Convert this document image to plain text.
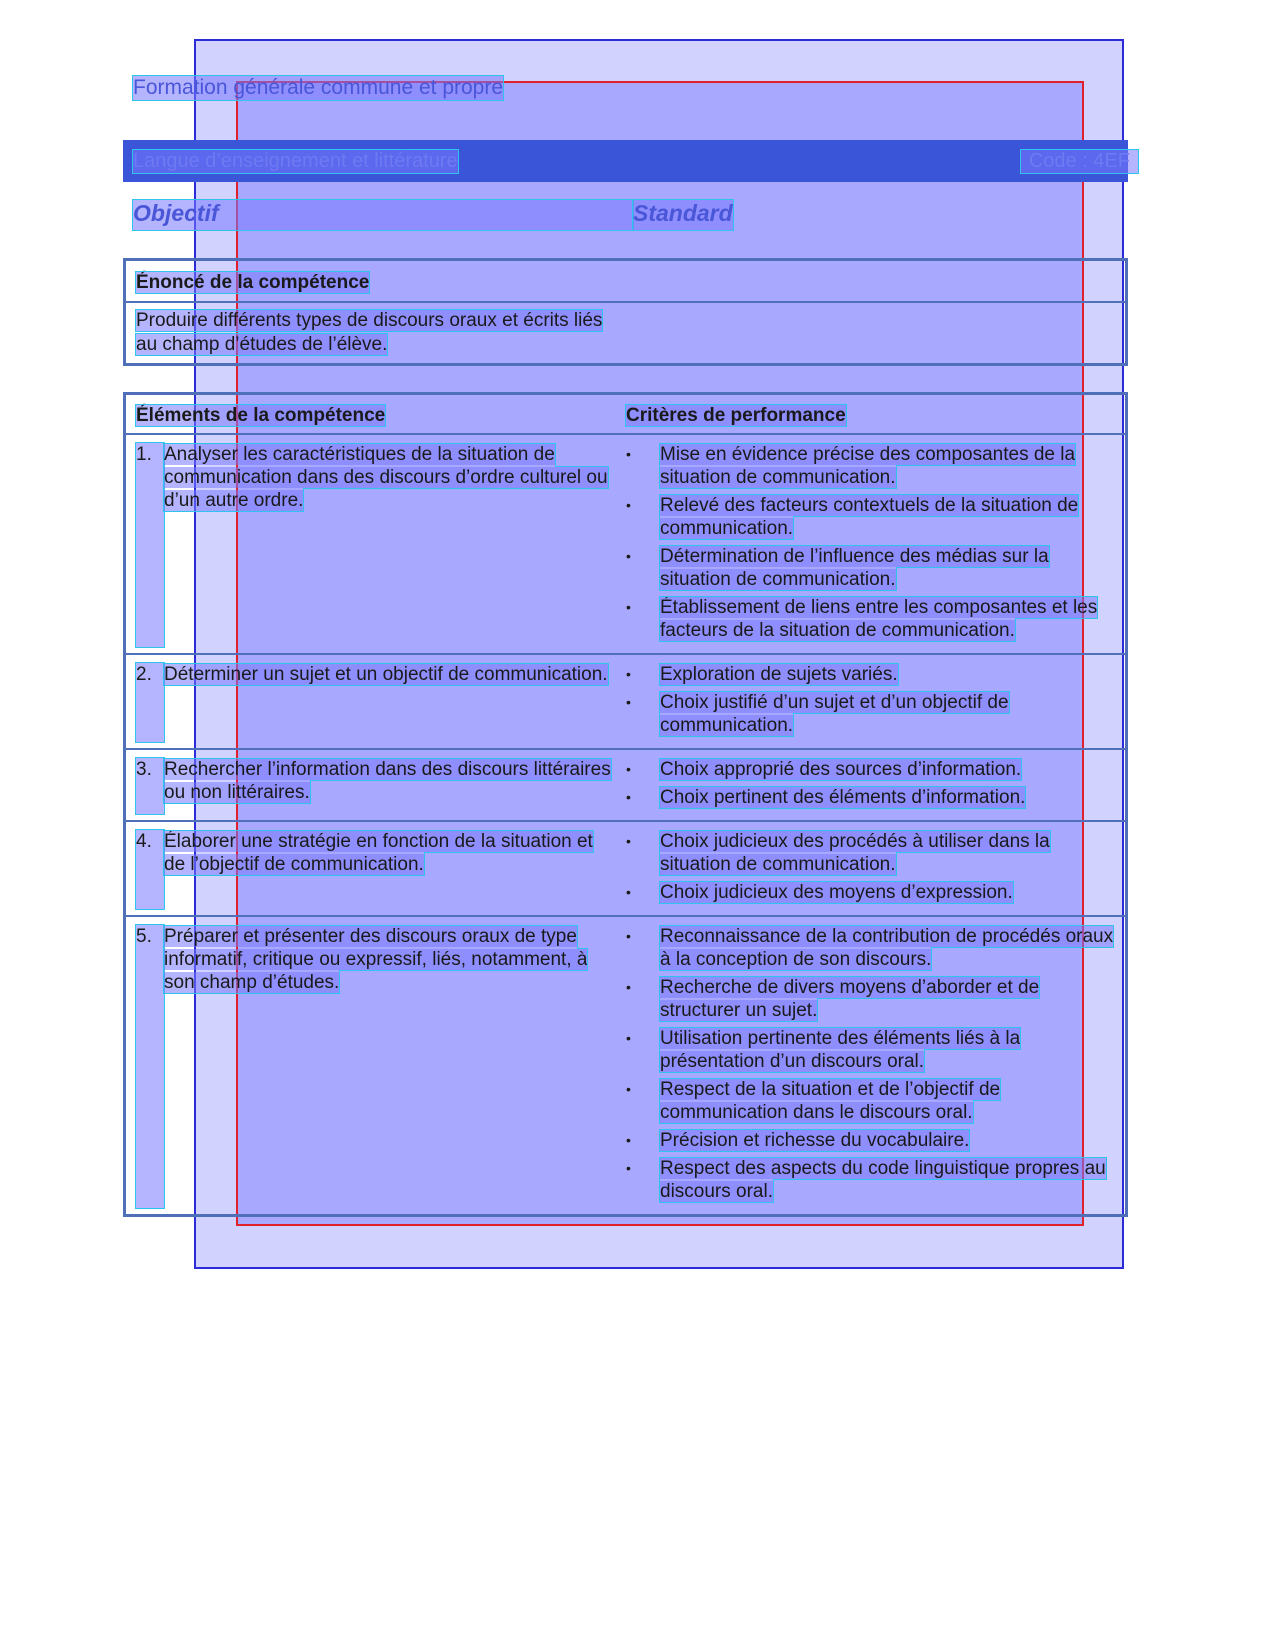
Formation générale commune et propre
Langue d’enseignement et littérature	Code : 4EF
Objectif	Standard
Énoncé de la compétence
Produire différents types de discours oraux et écrits liés au champ d’études de l’élève.
Éléments de la compétence	Critères de performance
1. Analyser les caractéristiques de la situation de communication dans des discours d’ordre culturel ou d’un autre ordre.
•	Mise en évidence précise des composantes de la situation de communication.
•	Relevé des facteurs contextuels de la situation de communication.
•	Détermination de l’influence des médias sur la situation de communication.
•	Établissement de liens entre les composantes et les facteurs de la situation de communication.
2. Déterminer un sujet et un objectif de communication.	•	Exploration de sujets variés.
•	Choix justifié d’un sujet et d’un objectif de communication.
3. Rechercher l’information dans des discours littéraires ou non littéraires.
•	Choix approprié des sources d’information.
•	Choix pertinent des éléments d’information.
4. Élaborer une stratégie en fonction de la situation et de l’objectif de communication.
•	Choix judicieux des procédés à utiliser dans la situation de communication.
•	Choix judicieux des moyens d’expression.
5. Préparer et présenter des discours oraux de type informatif, critique ou expressif, liés, notamment, à son champ d’études.
•	Reconnaissance de la contribution de procédés oraux à la conception de son discours.
•	Recherche de divers moyens d’aborder et de structurer un sujet.
•	Utilisation pertinente des éléments liés à la présentation d’un discours oral.
•	Respect de la situation et de l’objectif de communication dans le discours oral.
•	Précision et richesse du vocabulaire.
•	Respect des aspects du code linguistique propres au discours oral.
